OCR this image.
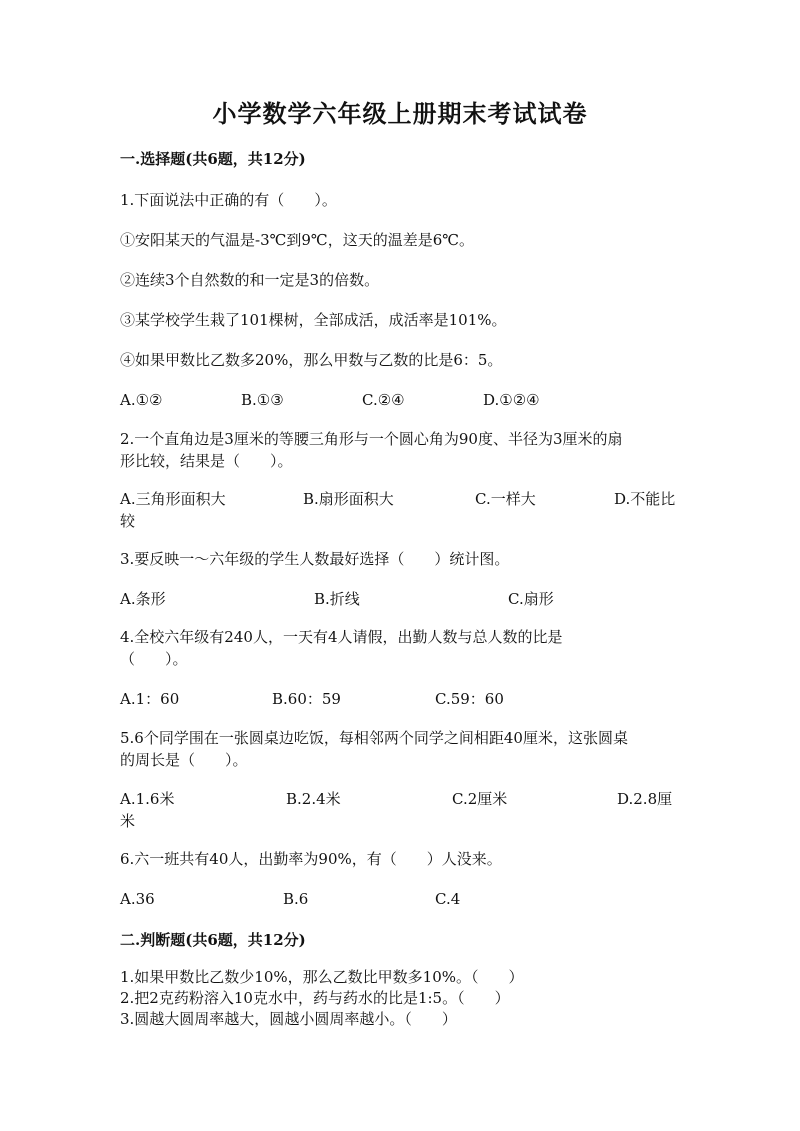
小学数学六年级上册期末考试试卷
一.选择题(共6题，共12分)
1.下面说法中正确的有（　　）。
①安阳某天的气温是-3℃到9℃，这天的温差是6℃。
②连续3个自然数的和一定是3的倍数。
③某学校学生栽了101棵树，全部成活，成活率是101%。
④如果甲数比乙数多20%，那么甲数与乙数的比是6：5。
A.①②	B.①③	C.②④	D.①②④
2.一个直角边是3厘米的等腰三角形与一个圆心角为90度、半径为3厘米的扇
形比较，结果是（　　）。
A.三角形面积大	B.扇形面积大	C.一样大	D.不能比
较
3.要反映一～六年级的学生人数最好选择（　　）统计图。
A.条形	B.折线	C.扇形
4.全校六年级有240人，一天有4人请假，出勤人数与总人数的比是
（　　）。
A.1：60	B.60：59	C.59：60
5.6个同学围在一张圆桌边吃饭，每相邻两个同学之间相距40厘米，这张圆桌
的周长是（　　）。
A.1.6米	B.2.4米	C.2厘米	D.2.8厘
米
6.六一班共有40人，出勤率为90%，有（　　）人没来。
A.36	B.6	C.4
二.判断题(共6题，共12分)
1.如果甲数比乙数少10%，那么乙数比甲数多10%。（　　）
2.把2克药粉溶入10克水中，药与药水的比是1:5。（　　）
3.圆越大圆周率越大，圆越小圆周率越小。（　　）
